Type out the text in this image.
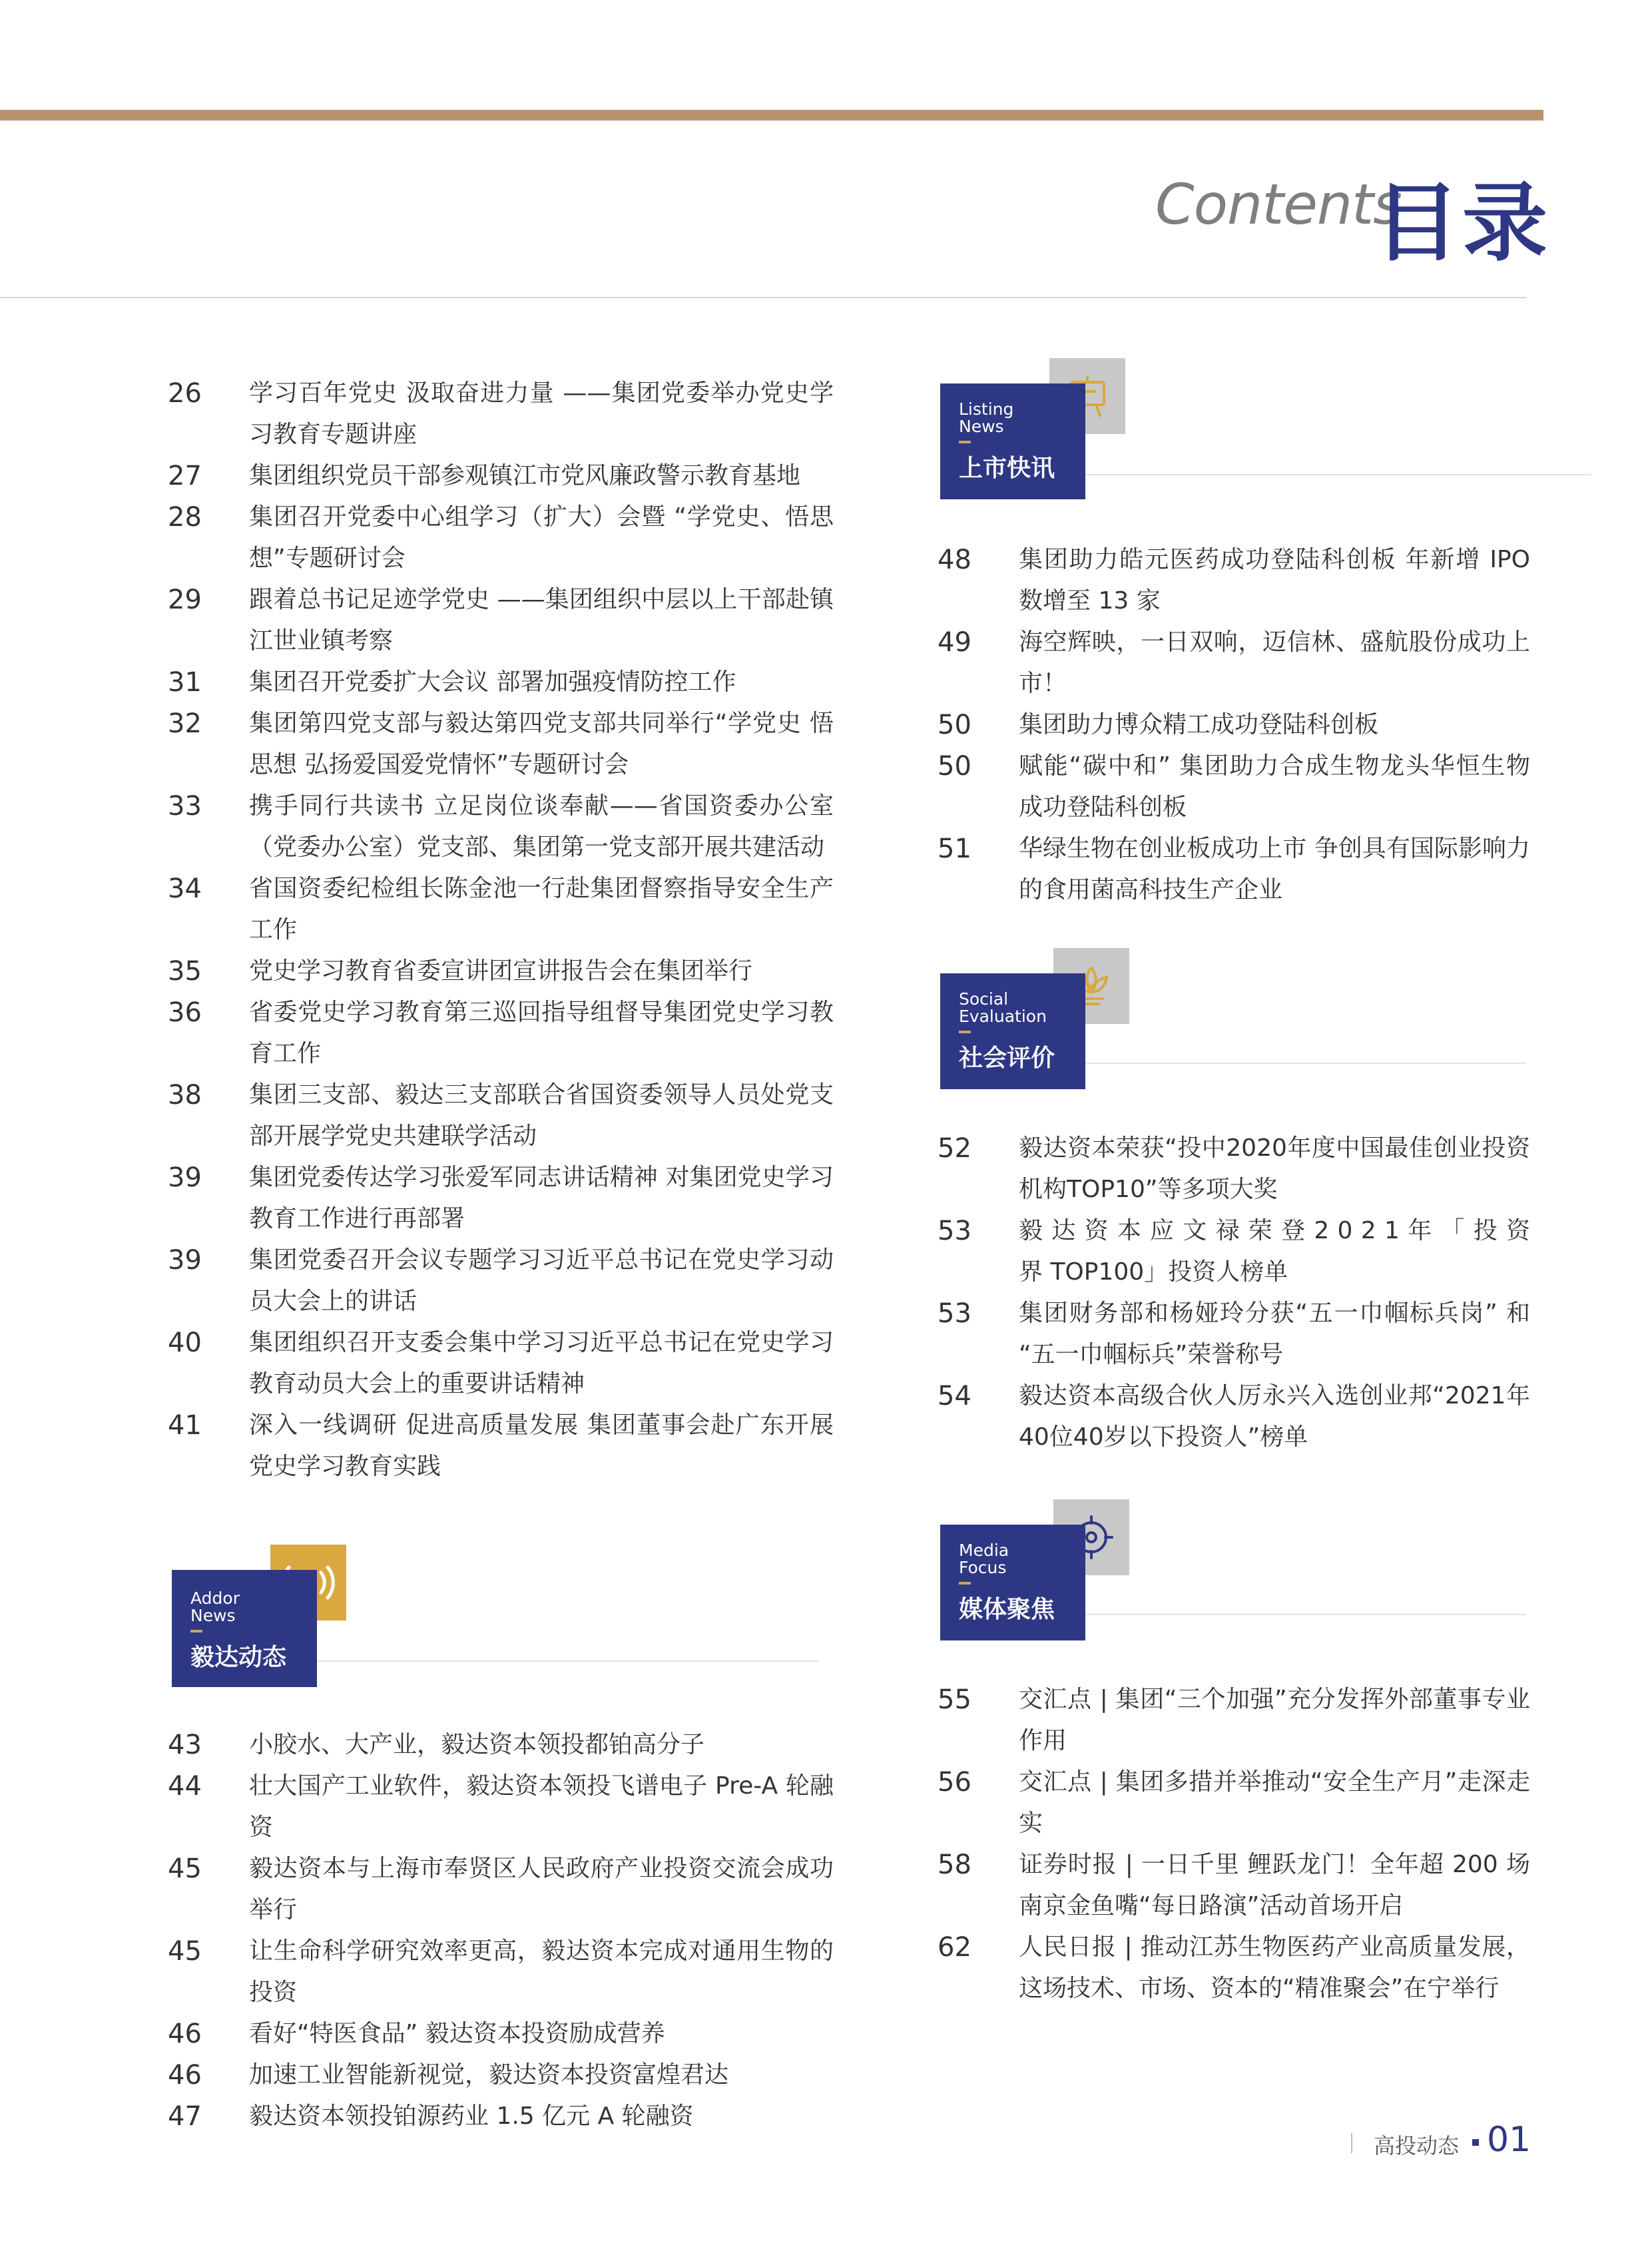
Contents
目录
26	学习百年党史 汲取奋进力量 ——集团党委举办党史学习教育专题讲座
27	集团组织党员干部参观镇江市党风廉政警示教育基地
28	集团召开党委中心组学习（扩大）会暨 “学党史、悟思想”专题研讨会
29	跟着总书记足迹学党史 ——集团组织中层以上干部赴镇江世业镇考察
31	集团召开党委扩大会议 部署加强疫情防控工作
32	集团第四党支部与毅达第四党支部共同举行“学党史 悟思想 弘扬爱国爱党情怀”专题研讨会
33	携手同行共读书 立足岗位谈奉献——省国资委办公室（党委办公室）党支部、集团第一党支部开展共建活动
34	省国资委纪检组长陈金池一行赴集团督察指导安全生产工作
35	党史学习教育省委宣讲团宣讲报告会在集团举行
36	省委党史学习教育第三巡回指导组督导集团党史学习教育工作
38	集团三支部、毅达三支部联合省国资委领导人员处党支部开展学党史共建联学活动
39	集团党委传达学习张爱军同志讲话精神 对集团党史学习教育工作进行再部署
39	集团党委召开会议专题学习习近平总书记在党史学习动员大会上的讲话
40	集团组织召开支委会集中学习习近平总书记在党史学习教育动员大会上的重要讲话精神
41	深入一线调研 促进高质量发展 集团董事会赴广东开展党史学习教育实践
Addor
News
毅达动态
43	小胶水、大产业，毅达资本领投都铂高分子
44	壮大国产工业软件，毅达资本领投飞谱电子 Pre-A 轮融资
45	毅达资本与上海市奉贤区人民政府产业投资交流会成功举行
45	让生命科学研究效率更高，毅达资本完成对通用生物的投资
46	看好“特医食品” 毅达资本投资励成营养
46	加速工业智能新视觉，毅达资本投资富煌君达
47	毅达资本领投铂源药业 1.5 亿元 A 轮融资
Listing
News
上市快讯
48	集团助力皓元医药成功登陆科创板 年新增 IPO 数增至 13 家
49	海空辉映，一日双响，迈信林、盛航股份成功上市！
50	集团助力博众精工成功登陆科创板
50	赋能“碳中和” 集团助力合成生物龙头华恒生物成功登陆科创板
51	华绿生物在创业板成功上市 争创具有国际影响力的食用菌高科技生产企业
Social
Evaluation
社会评价
52	毅达资本荣获“投中2020年度中国最佳创业投资机构TOP10”等多项大奖
53	毅 达 资 本 应 文 禄 荣 登 2 0 2 1 年 「 投 资 界 TOP100」投资人榜单
53	集团财务部和杨娅玲分获“五一巾帼标兵岗” 和 “五一巾帼标兵”荣誉称号
54	毅达资本高级合伙人厉永兴入选创业邦“2021年40位40岁以下投资人”榜单
Media
Focus
媒体聚焦
55	交汇点 | 集团“三个加强”充分发挥外部董事专业作用
56	交汇点 | 集团多措并举推动“安全生产月”走深走实
58	证券时报 | 一日千里 鲤跃龙门！全年超 200 场 南京金鱼嘴“每日路演”活动首场开启
62	人民日报 | 推动江苏生物医药产业高质量发展，这场技术、市场、资本的“精准聚会”在宁举行
高投动态 01
